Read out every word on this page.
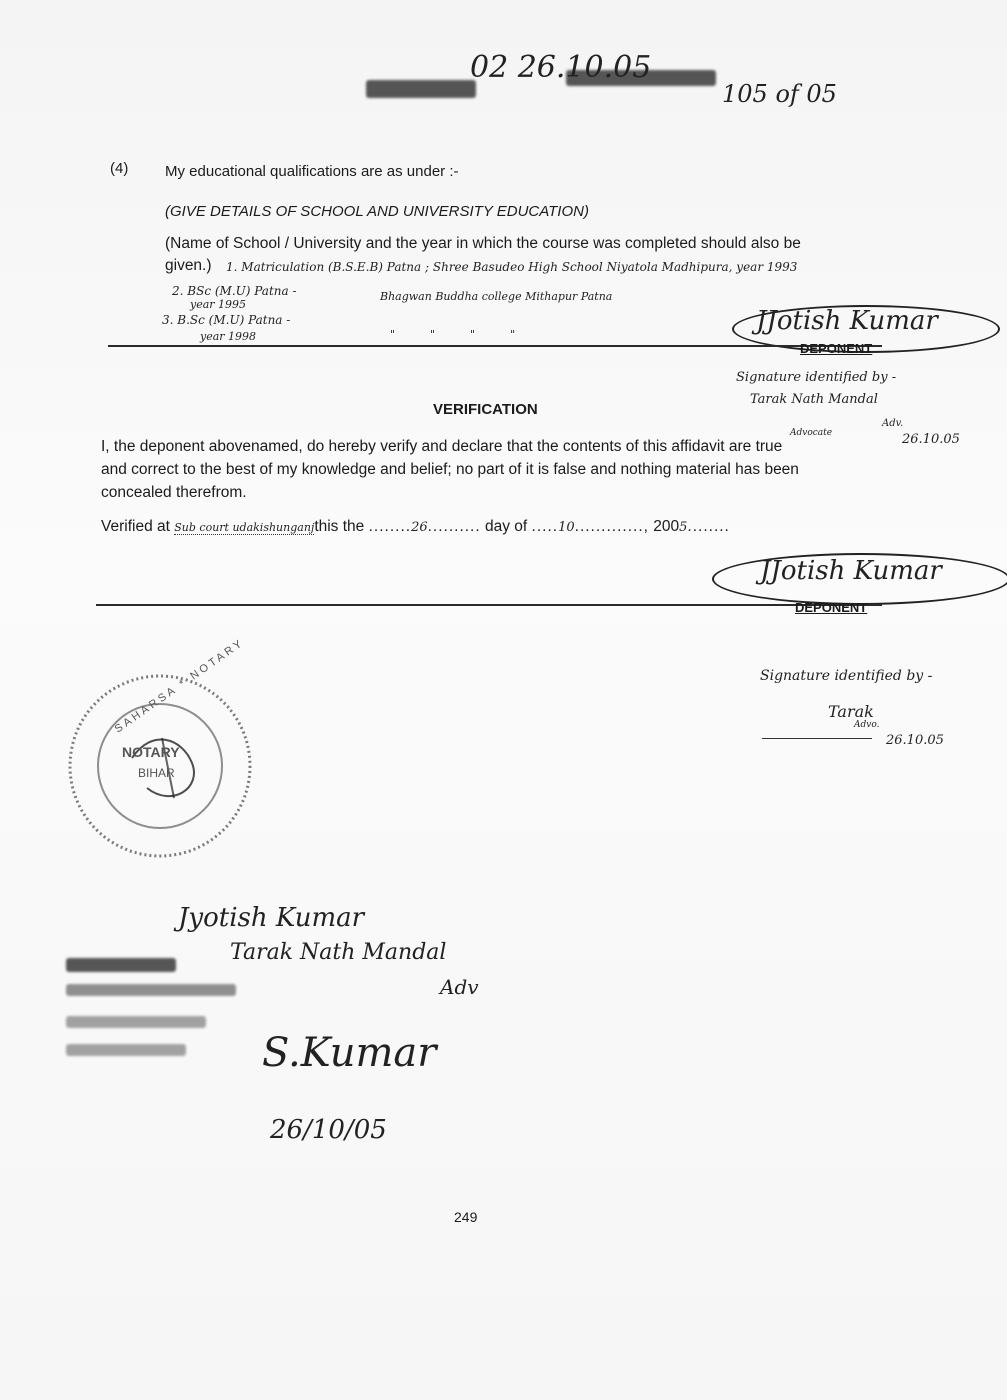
02 26.10.05
105 of 05
(4) My educational qualifications are as under :-
(GIVE DETAILS OF SCHOOL AND UNIVERSITY EDUCATION)
(Name of School / University and the year in which the course was completed should also be
given.) 1. Matriculation (B.S.E.B) Patna ; Shree Basudeo High School Niyatola Madhipura, year 1993
2. BSc (M.U) Patna -
year 1995
Bhagwan Buddha college Mithapur Patna
3. B.Sc (M.U) Patna -
year 1998	"          "          "          "	JJotish Kumar
DEPONENT
Signature identified by -
Tarak Nath Mandal
Advocate
Adv.
26.10.05
VERIFICATION
I, the deponent abovenamed, do hereby verify and declare that the contents of this affidavit are true
and correct to the best of my knowledge and belief; no part of it is false and nothing material has been
concealed therefrom.
Verified at Sub court udakishunganjthis the ........26.......... day of .....10............., 2005........
JJotish Kumar
DEPONENT
Signature identified by -
Tarak
Advo.
26.10.05
SAHARSA * NOTARY
NOTARY
BIHAR
Jyotish Kumar
Tarak Nath Mandal
Adv
S.Kumar
26/10/05
249
